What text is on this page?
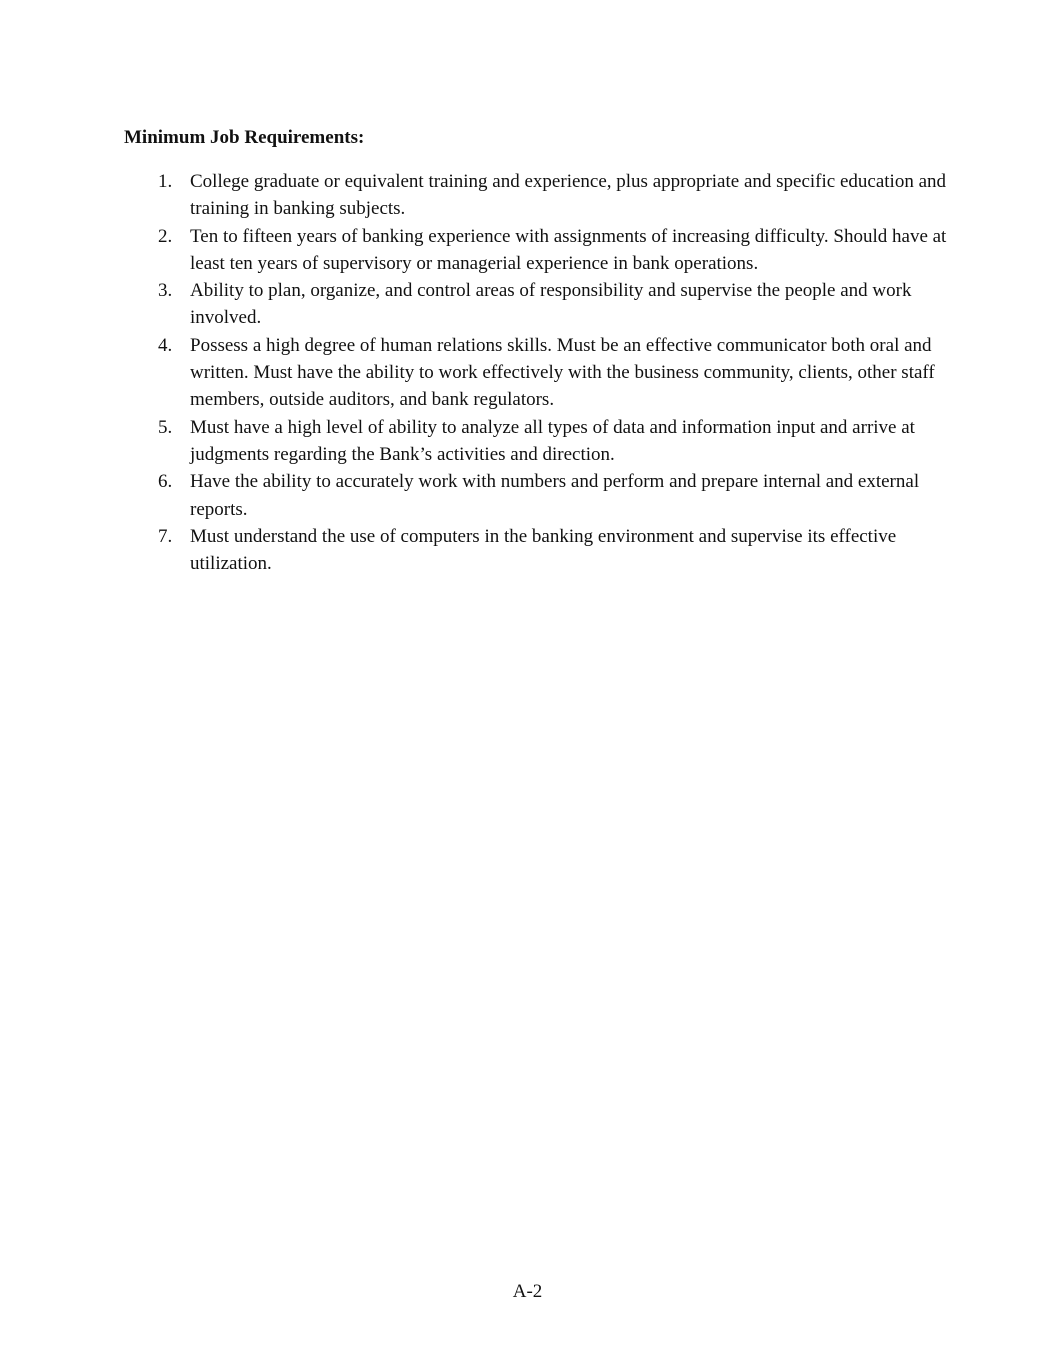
Minimum Job Requirements:
1. College graduate or equivalent training and experience, plus appropriate and specific education and training in banking subjects.
2. Ten to fifteen years of banking experience with assignments of increasing difficulty. Should have at least ten years of supervisory or managerial experience in bank operations.
3. Ability to plan, organize, and control areas of responsibility and supervise the people and work involved.
4. Possess a high degree of human relations skills. Must be an effective communicator both oral and written. Must have the ability to work effectively with the business community, clients, other staff members, outside auditors, and bank regulators.
5. Must have a high level of ability to analyze all types of data and information input and arrive at judgments regarding the Bank’s activities and direction.
6. Have the ability to accurately work with numbers and perform and prepare internal and external reports.
7. Must understand the use of computers in the banking environment and supervise its effective utilization.
A-2
